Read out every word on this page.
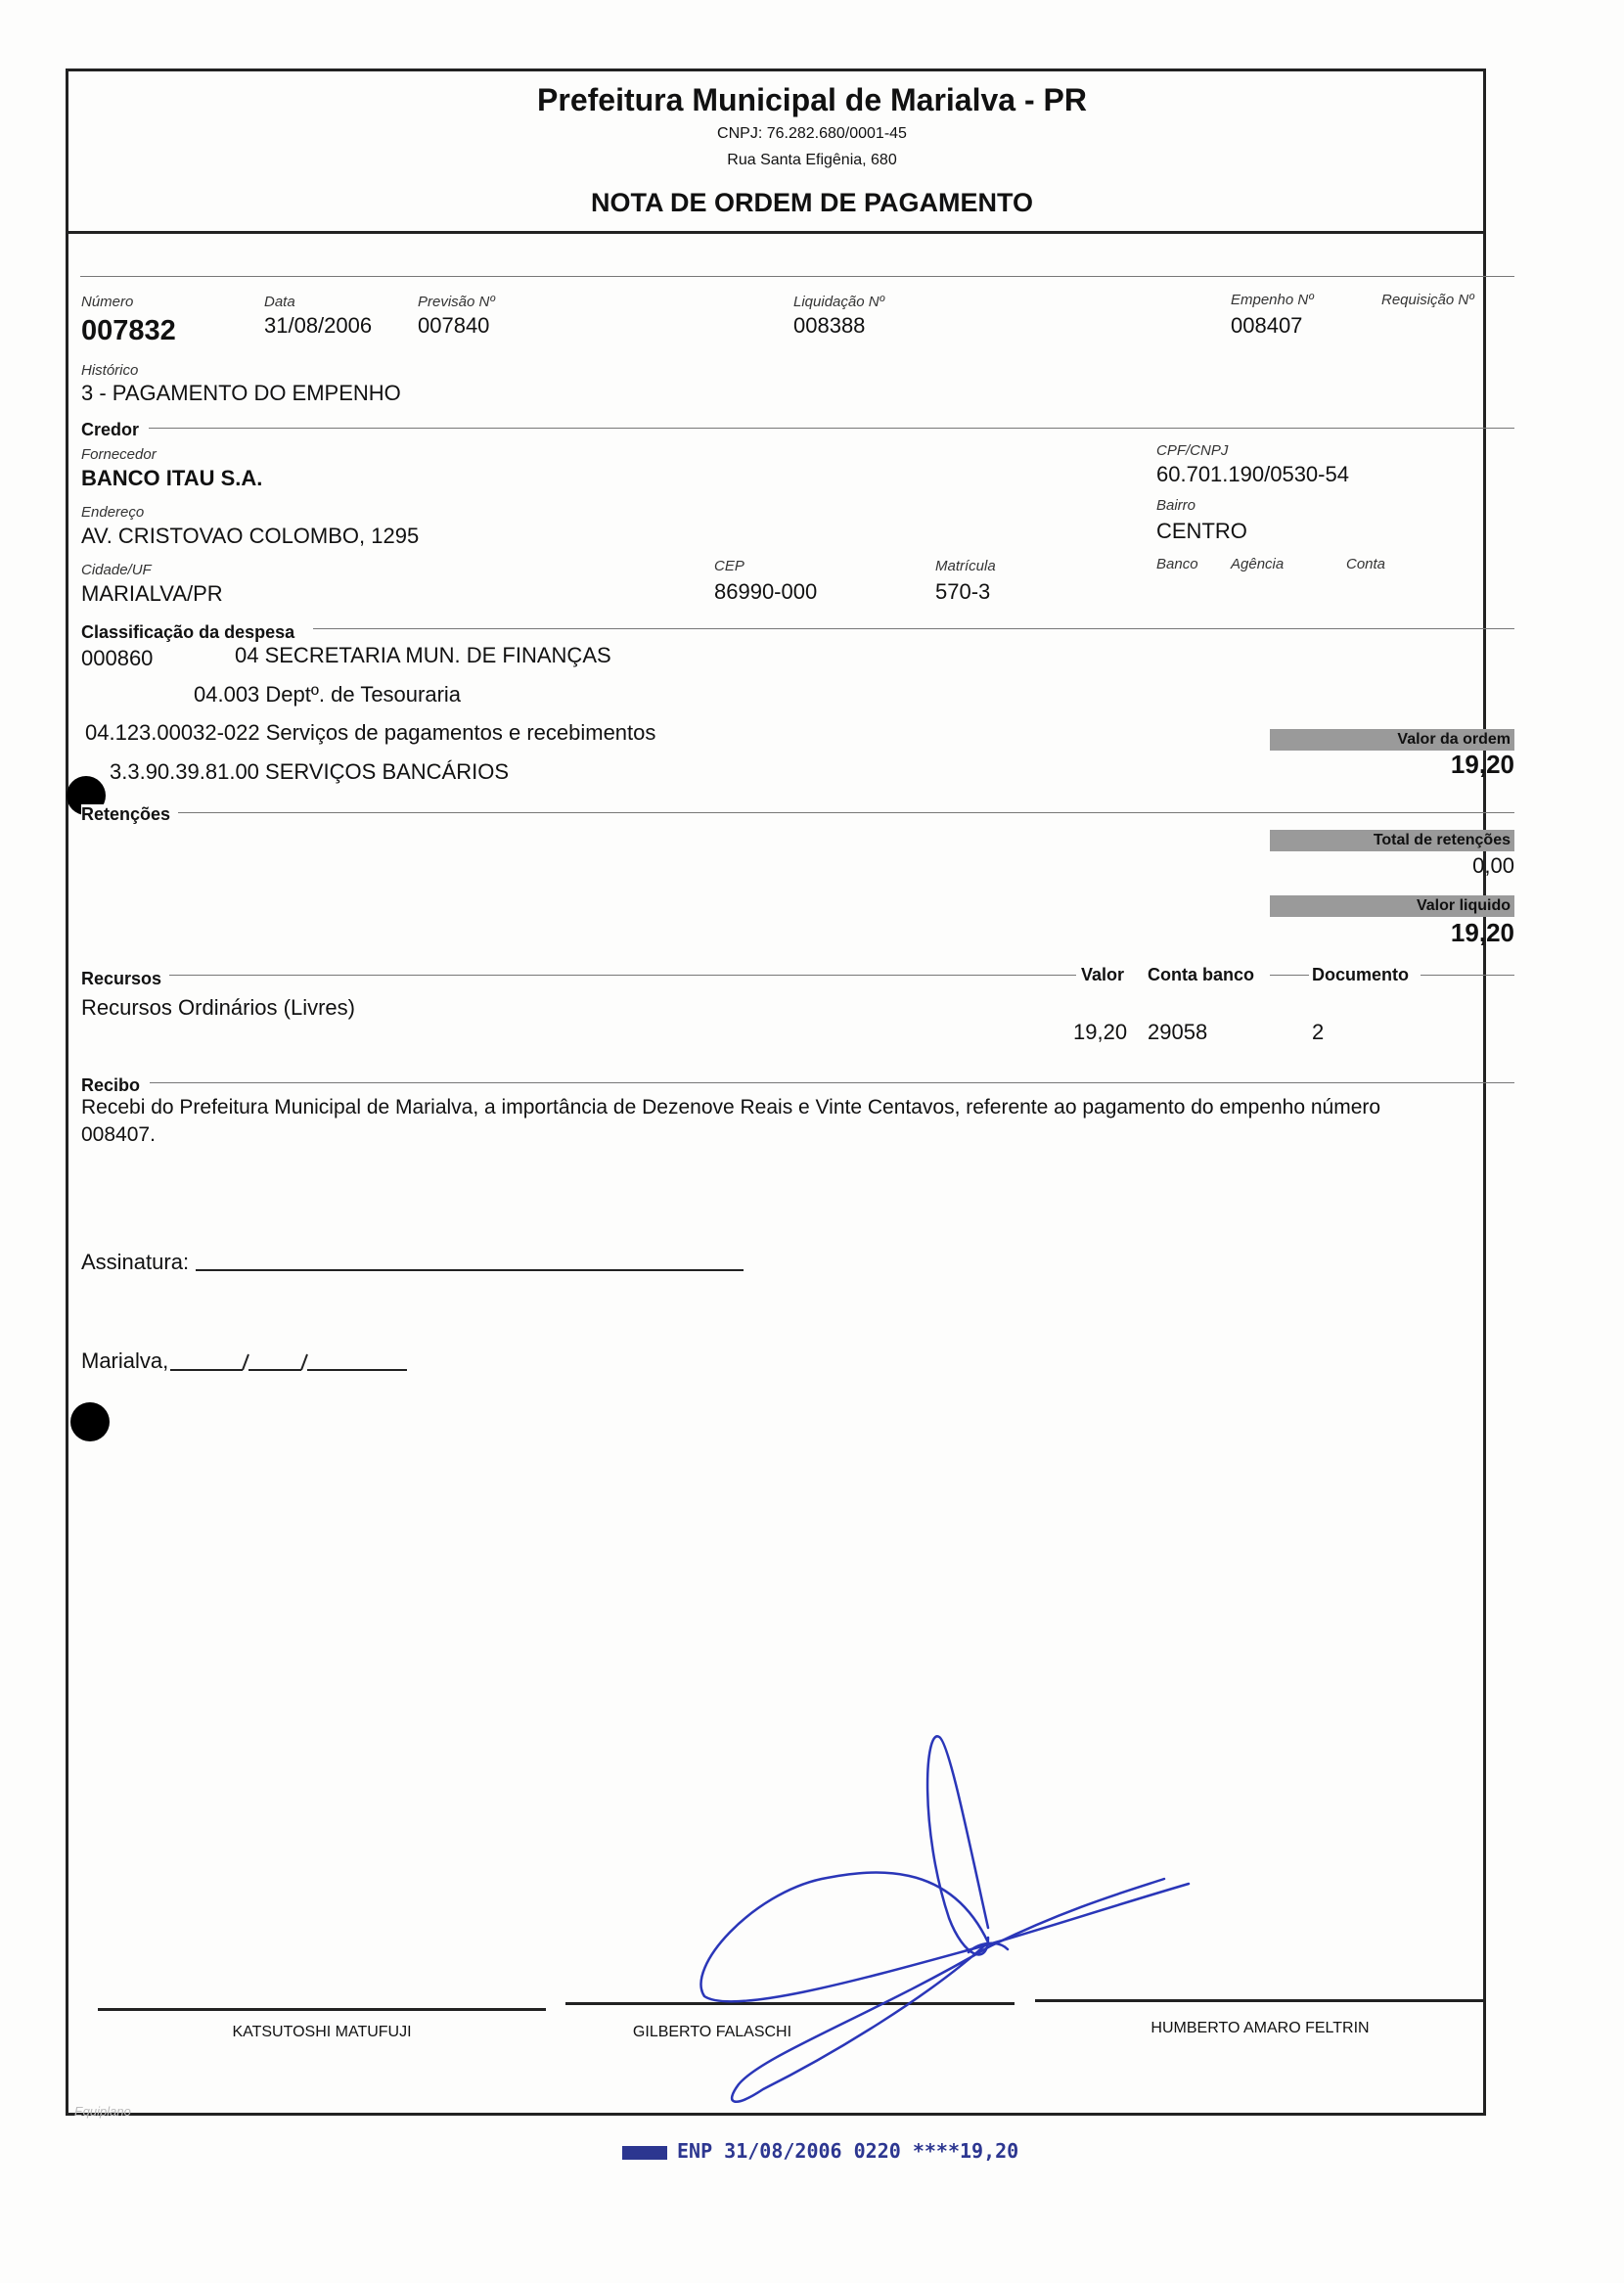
Prefeitura Municipal de Marialva - PR
CNPJ: 76.282.680/0001-45
Rua Santa Efigênia, 680
NOTA DE ORDEM DE PAGAMENTO
Número
007832
Data
31/08/2006
Previsão Nº
007840
Liquidação Nº
008388
Empenho Nº
008407
Requisição Nº
Histórico
3 - PAGAMENTO DO EMPENHO
Credor
Fornecedor
BANCO ITAU S.A.
CPF/CNPJ
60.701.190/0530-54
Endereço
AV. CRISTOVAO COLOMBO, 1295
Bairro
CENTRO
Cidade/UF
MARIALVA/PR
CEP
86990-000
Matrícula
570-3
Banco Agência	Conta
Classificação da despesa
000860	04 SECRETARIA MUN. DE FINANÇAS
04.003 Deptº. de Tesouraria
04.123.00032-022 Serviços de pagamentos e recebimentos
3.3.90.39.81.00 SERVIÇOS BANCÁRIOS
Valor da ordem
19,20
Retenções
Total de retenções
0,00
Valor liquido
19,20
Recursos	Valor Conta banco	Documento
Recursos Ordinários (Livres)
19,20 29058	2
Recibo
Recebi do Prefeitura Municipal de Marialva, a importância de Dezenove Reais e Vinte Centavos, referente ao pagamento do empenho número
008407.
Assinatura:
Marialva,
KATSUTOSHI MATUFUJI	GILBERTO FALASCHI	HUMBERTO AMARO FELTRIN
Equiplano
ENP 31/08/2006 0220 ****19,20
